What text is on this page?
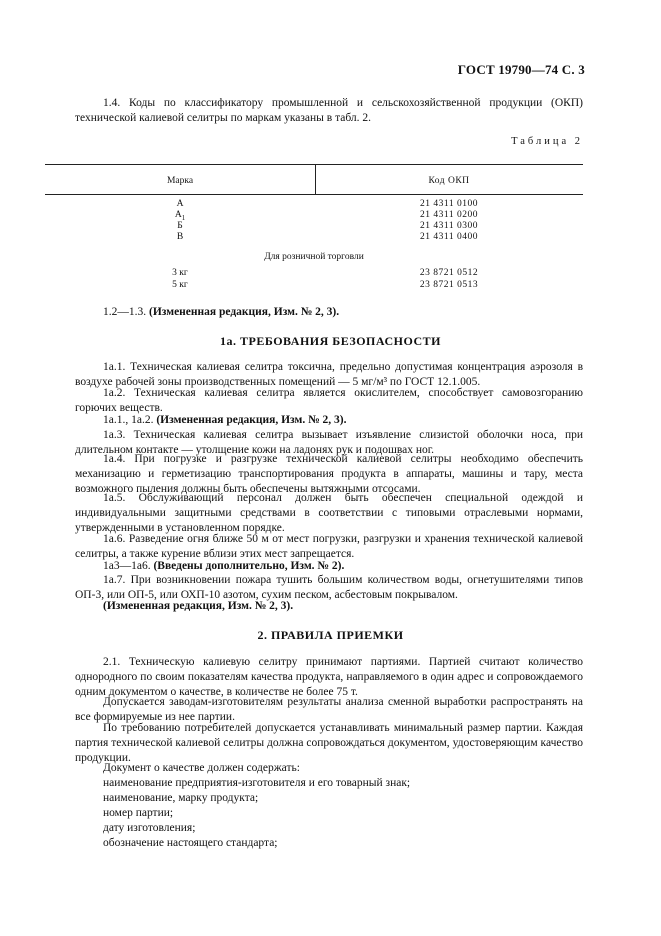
ГОСТ 19790—74 С. 3
1.4. Коды по классификатору промышленной и сельскохозяйственной продукции (ОКП) технической калиевой селитры по маркам указаны в табл. 2.
Таблица 2
Марка	Код ОКП
А	21 4311 0100
$А_1$	21 4311 0200
Б	21 4311 0300
В	21 4311 0400
Для розничной торговли
3 кг	23 8721 0512
5 кг	23 8721 0513
1.2—1.3. (Измененная редакция, Изм. № 2, 3).
1а. ТРЕБОВАНИЯ БЕЗОПАСНОСТИ
1а.1. Техническая калиевая селитра токсична, предельно допустимая концентрация аэрозоля в воздухе рабочей зоны производственных помещений — 5 мг/м³ по ГОСТ 12.1.005.
1а.2. Техническая калиевая селитра является окислителем, способствует самовозгоранию горючих веществ.
1а.1., 1а.2. (Измененная редакция, Изм. № 2, 3).
1а.3. Техническая калиевая селитра вызывает изъявление слизистой оболочки носа, при длительном контакте — утолщение кожи на ладонях рук и подошвах ног.
1а.4. При погрузке и разгрузке технической калиевой селитры необходимо обеспечить механизацию и герметизацию транспортирования продукта в аппараты, машины и тару, места возможного пыления должны быть обеспечены вытяжными отсосами.
1а.5. Обслуживающий персонал должен быть обеспечен специальной одеждой и индивидуальными защитными средствами в соответствии с типовыми отраслевыми нормами, утвержденными в установленном порядке.
1а.6. Разведение огня ближе 50 м от мест погрузки, разгрузки и хранения технической калиевой селитры, а также курение вблизи этих мест запрещается.
1а3—1а6. (Введены дополнительно, Изм. № 2).
1а.7. При возникновении пожара тушить большим количеством воды, огнетушителями типов ОП-3, или ОП-5, или ОХП-10 азотом, сухим песком, асбестовым покрывалом.
(Измененная редакция, Изм. № 2, 3).
2. ПРАВИЛА ПРИЕМКИ
2.1. Техническую калиевую селитру принимают партиями. Партией считают количество однородного по своим показателям качества продукта, направляемого в один адрес и сопровождаемого одним документом о качестве, в количестве не более 75 т.
Допускается заводам-изготовителям результаты анализа сменной выработки распространять на все формируемые из нее партии.
По требованию потребителей допускается устанавливать минимальный размер партии. Каждая партия технической калиевой селитры должна сопровождаться документом, удостоверяющим качество продукции.
Документ о качестве должен содержать:
наименование предприятия-изготовителя и его товарный знак;
наименование, марку продукта;
номер партии;
дату изготовления;
обозначение настоящего стандарта;
